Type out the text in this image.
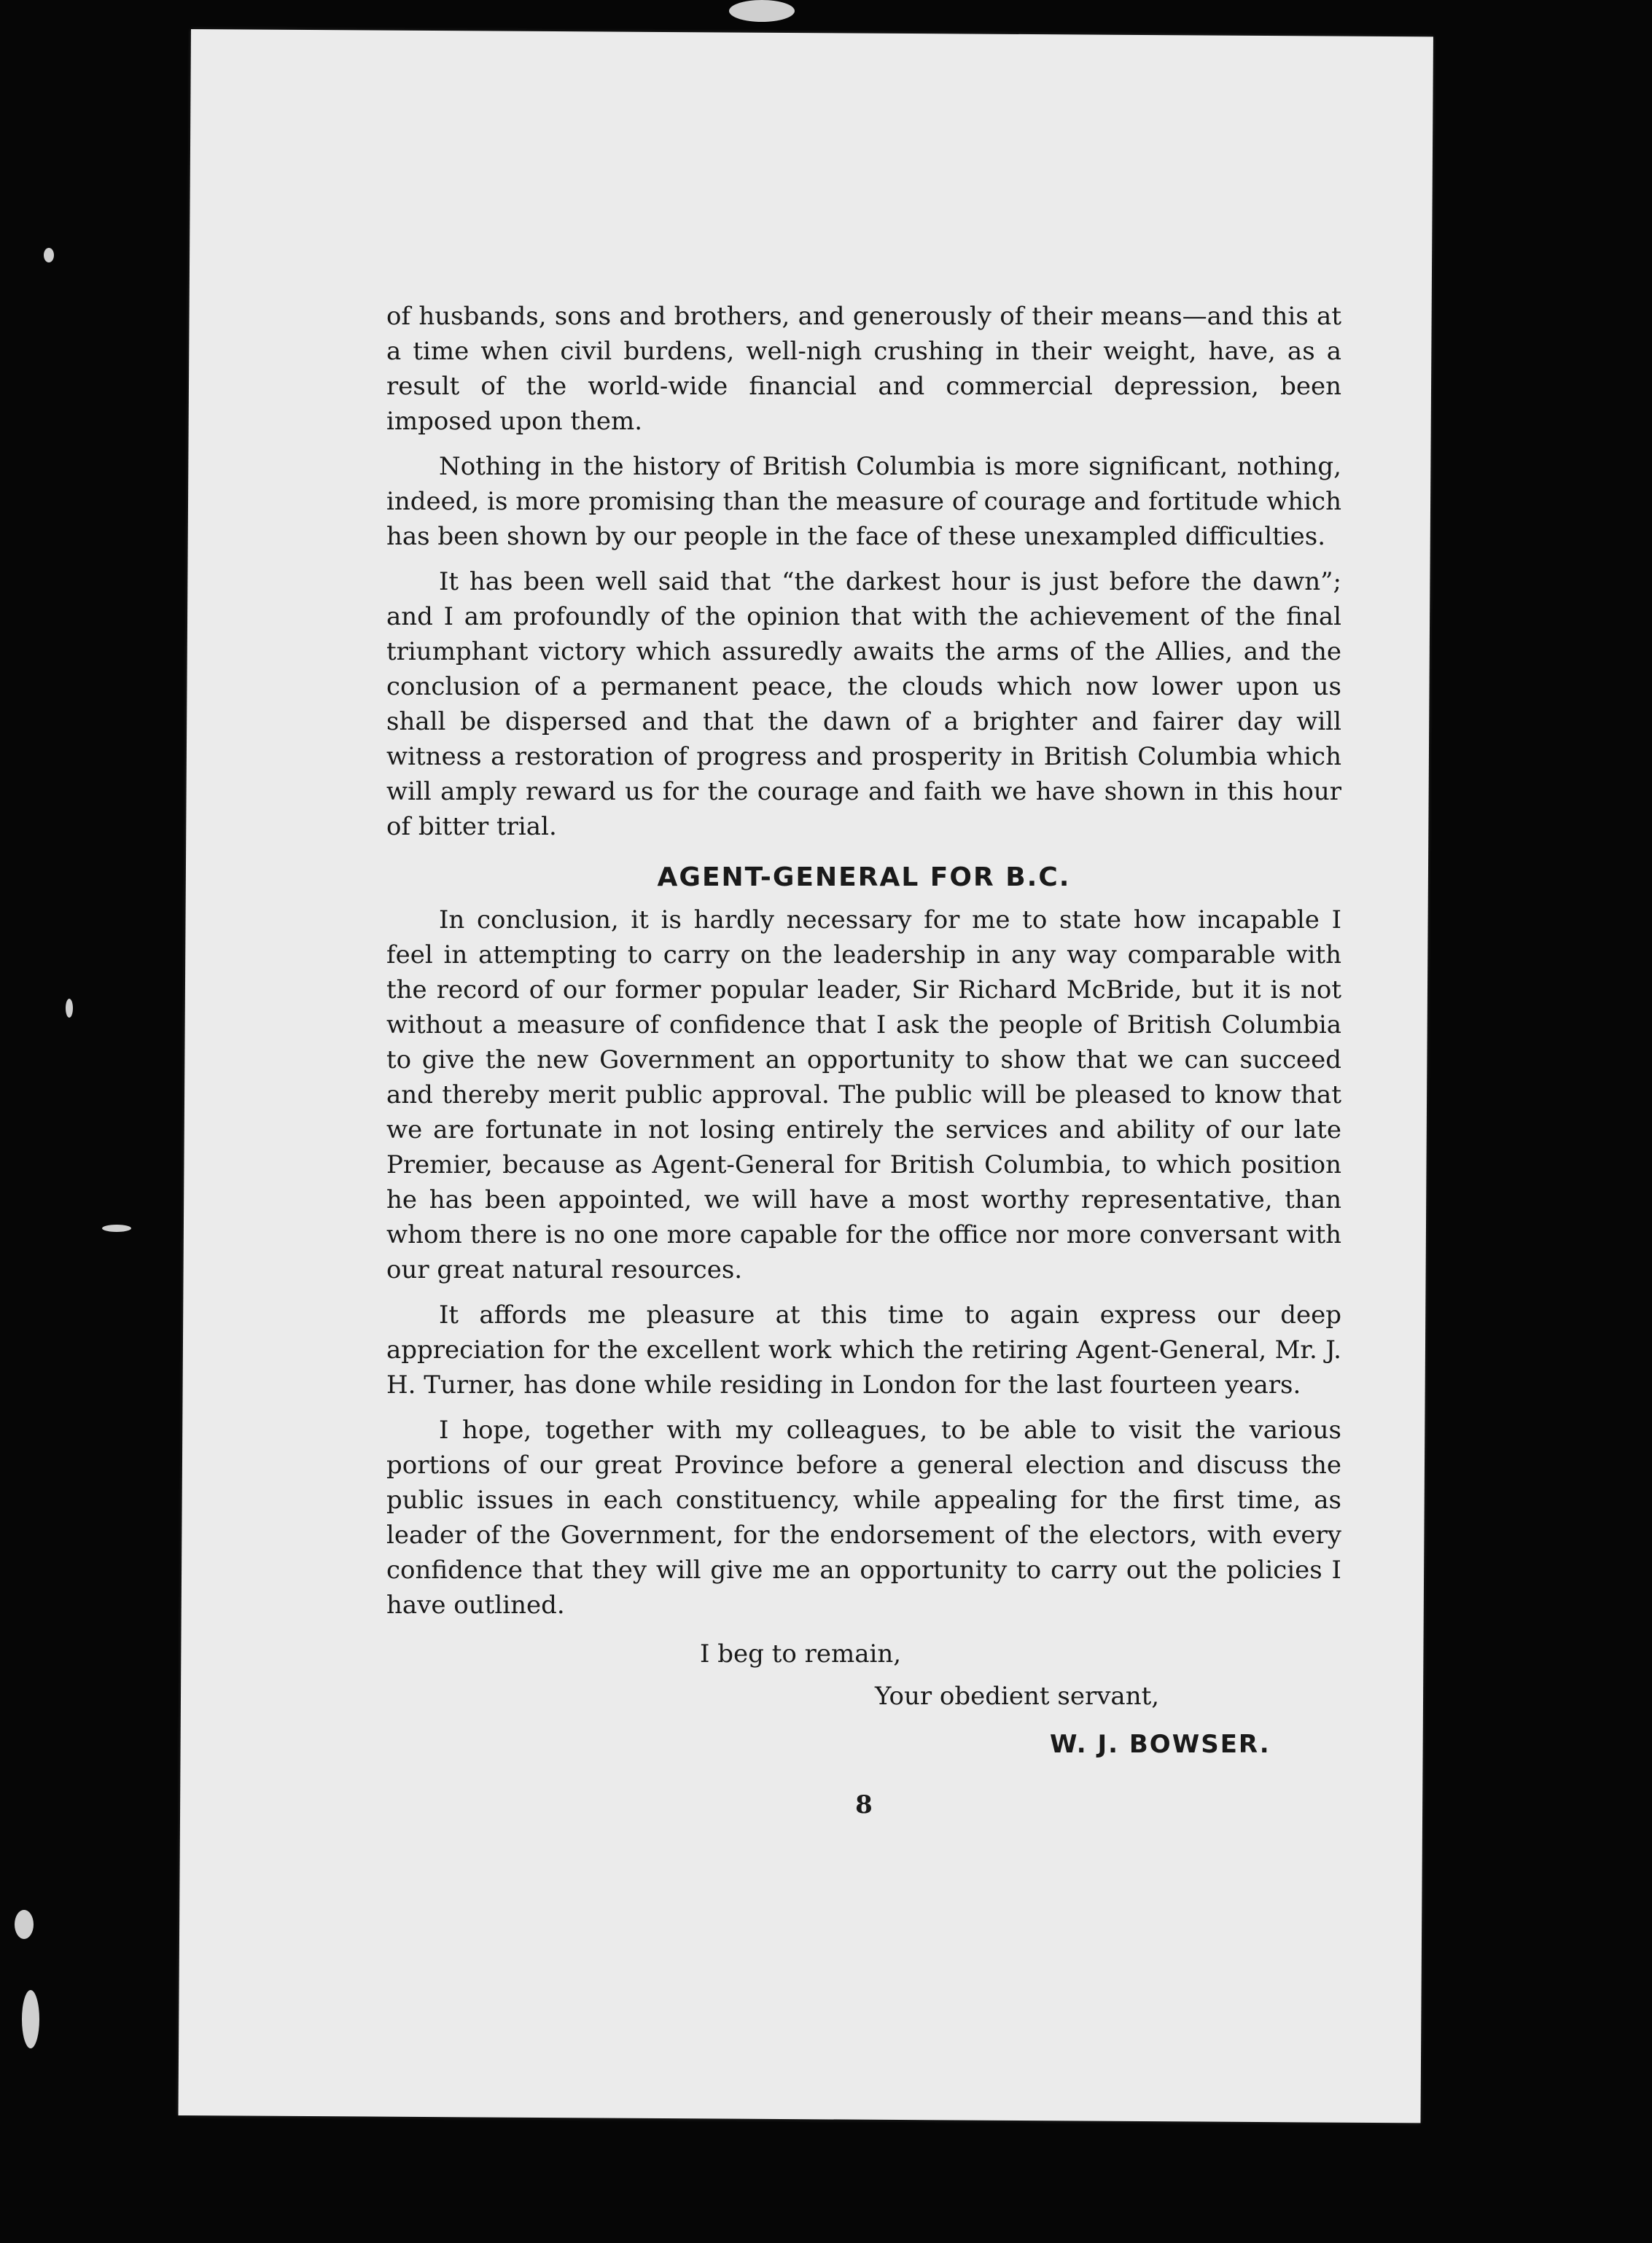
of husbands, sons and brothers, and generously of their means—and this at a time when civil burdens, well-nigh crushing in their weight, have, as a result of the world-wide financial and commercial depression, been imposed upon them.

Nothing in the history of British Columbia is more significant, nothing, indeed, is more promising than the measure of courage and fortitude which has been shown by our people in the face of these unexampled difficulties.

It has been well said that “the darkest hour is just before the dawn”; and I am profoundly of the opinion that with the achievement of the final triumphant victory which assuredly awaits the arms of the Allies, and the conclusion of a permanent peace, the clouds which now lower upon us shall be dispersed and that the dawn of a brighter and fairer day will witness a restoration of progress and prosperity in British Columbia which will amply reward us for the courage and faith we have shown in this hour of bitter trial.

AGENT-GENERAL FOR B.C.

In conclusion, it is hardly necessary for me to state how incapable I feel in attempting to carry on the leadership in any way comparable with the record of our former popular leader, Sir Richard McBride, but it is not without a measure of confidence that I ask the people of British Columbia to give the new Government an opportunity to show that we can succeed and thereby merit public approval. The public will be pleased to know that we are fortunate in not losing entirely the services and ability of our late Premier, because as Agent-General for British Columbia, to which position he has been appointed, we will have a most worthy representative, than whom there is no one more capable for the office nor more conversant with our great natural resources.

It affords me pleasure at this time to again express our deep appreciation for the excellent work which the retiring Agent-General, Mr. J. H. Turner, has done while residing in London for the last fourteen years.

I hope, together with my colleagues, to be able to visit the various portions of our great Province before a general election and discuss the public issues in each constituency, while appealing for the first time, as leader of the Government, for the endorsement of the electors, with every confidence that they will give me an opportunity to carry out the policies I have outlined.

I beg to remain,
Your obedient servant,
W. J. BOWSER.
8
